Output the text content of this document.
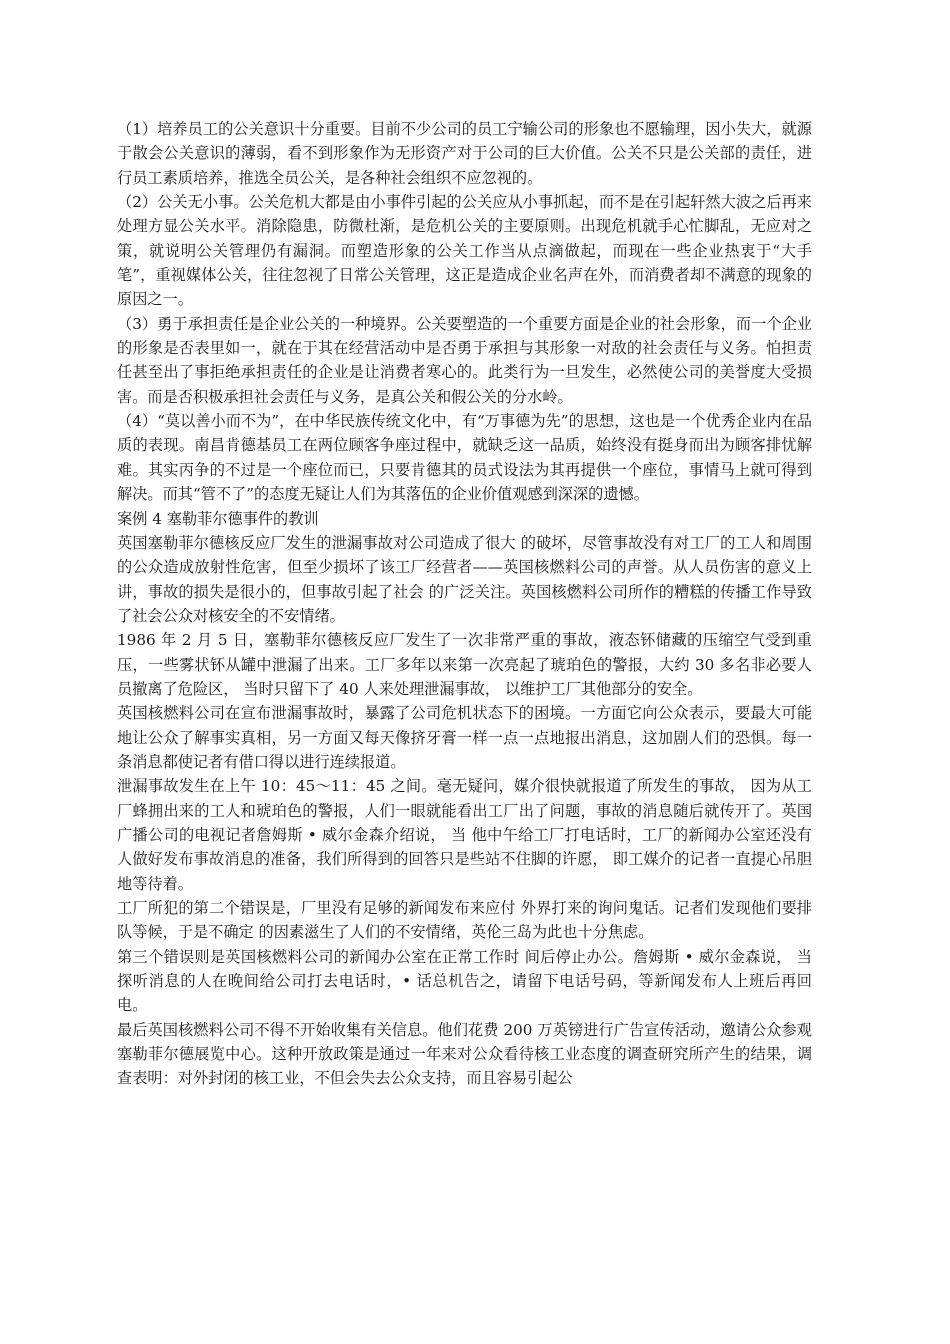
（1）培养员工的公关意识十分重要。目前不少公司的员工宁输公司的形象也不愿输理，因小失大，就源于散会公关意识的薄弱，看不到形象作为无形资产对于公司的巨大价值。公关不只是公关部的责任，进行员工素质培养，推选全员公关，是各种社会组织不应忽视的。

（2）公关无小事。公关危机大都是由小事件引起的公关应从小事抓起，而不是在引起轩然大波之后再来处理方显公关水平。消除隐患，防微杜渐，是危机公关的主要原则。出现危机就手心忙脚乱，无应对之策，就说明公关管理仍有漏洞。而塑造形象的公关工作当从点滴做起，而现在一些企业热衷于“大手笔”，重视媒体公关，往往忽视了日常公关管理，这正是造成企业名声在外，而消费者却不满意的现象的原因之一。

（3）勇于承担责任是企业公关的一种境界。公关要塑造的一个重要方面是企业的社会形象，而一个企业的形象是否表里如一，就在于其在经营活动中是否勇于承担与其形象一对敌的社会责任与义务。怕担责任甚至出了事拒绝承担责任的企业是让消费者寒心的。此类行为一旦发生，必然使公司的美誉度大受损害。而是否积极承担社会责任与义务，是真公关和假公关的分水岭。

（4）“莫以善小而不为”，在中华民族传统文化中，有“万事德为先”的思想，这也是一个优秀企业内在品质的表现。南昌肯德基员工在两位顾客争座过程中，就缺乏这一品质，始终没有挺身而出为顾客排忧解难。其实丙争的不过是一个座位而已，只要肯德其的员式设法为其再提供一个座位，事情马上就可得到解决。而其“管不了”的态度无疑让人们为其落伍的企业价值观感到深深的遗憾。

案例 4 塞勒菲尔德事件的教训

英国塞勒菲尔德核反应厂发生的泄漏事故对公司造成了很大 的破坏，尽管事故没有对工厂的工人和周围的公众造成放射性危害，但至少损坏了该工厂经营者——英国核燃料公司的声誉。从人员伤害的意义上讲，事故的损失是很小的，但事故引起了社会 的广泛关注。英国核燃料公司所作的糟糕的传播工作导致了社会公众对核安全的不安情绪。

1986 年 2 月 5 日，塞勒菲尔德核反应厂发生了一次非常严重的事故，液态钚储藏的压缩空气受到重压，一些雾状钚从罐中泄漏了出来。工厂多年以来第一次亮起了琥珀色的警报，大约 30 多名非必要人员撤离了危险区， 当时只留下了 40 人来处理泄漏事故， 以维护工厂其他部分的安全。

英国核燃料公司在宣布泄漏事故时，暴露了公司危机状态下的困境。一方面它向公众表示，要最大可能地让公众了解事实真相，另一方面又每天像挤牙膏一样一点一点地报出消息，这加剧人们的恐惧。每一条消息都使记者有借口得以进行连续报道。

泄漏事故发生在上午 10：45～11：45 之间。毫无疑问，媒介很快就报道了所发生的事故， 因为从工厂蜂拥出来的工人和琥珀色的警报，人们一眼就能看出工厂出了问题，事故的消息随后就传开了。英国广播公司的电视记者詹姆斯 • 威尔金森介绍说， 当 他中午给工厂打电话时，工厂的新闻办公室还没有人做好发布事故消息的准备，我们所得到的回答只是些站不住脚的许愿， 即工媒介的记者一直提心吊胆地等待着。

工厂所犯的第二个错误是，厂里没有足够的新闻发布来应付 外界打来的询问鬼话。记者们发现他们要排队等候，于是不确定 的因素滋生了人们的不安情绪，英伦三岛为此也十分焦虑。

第三个错误则是英国核燃料公司的新闻办公室在正常工作时 间后停止办公。詹姆斯 • 威尔金森说， 当探听消息的人在晚间给公司打去电话时，• 话总机告之，请留下电话号码，等新闻发布人上班后再回电。

最后英国核燃料公司不得不开始收集有关信息。他们花费 200 万英镑进行广告宣传活动，邀请公众参观塞勒菲尔德展览中心。这种开放政策是通过一年来对公众看待核工业态度的调查研究所产生的结果，调查表明：对外封闭的核工业，不但会失去公众支持，而且容易引起公
